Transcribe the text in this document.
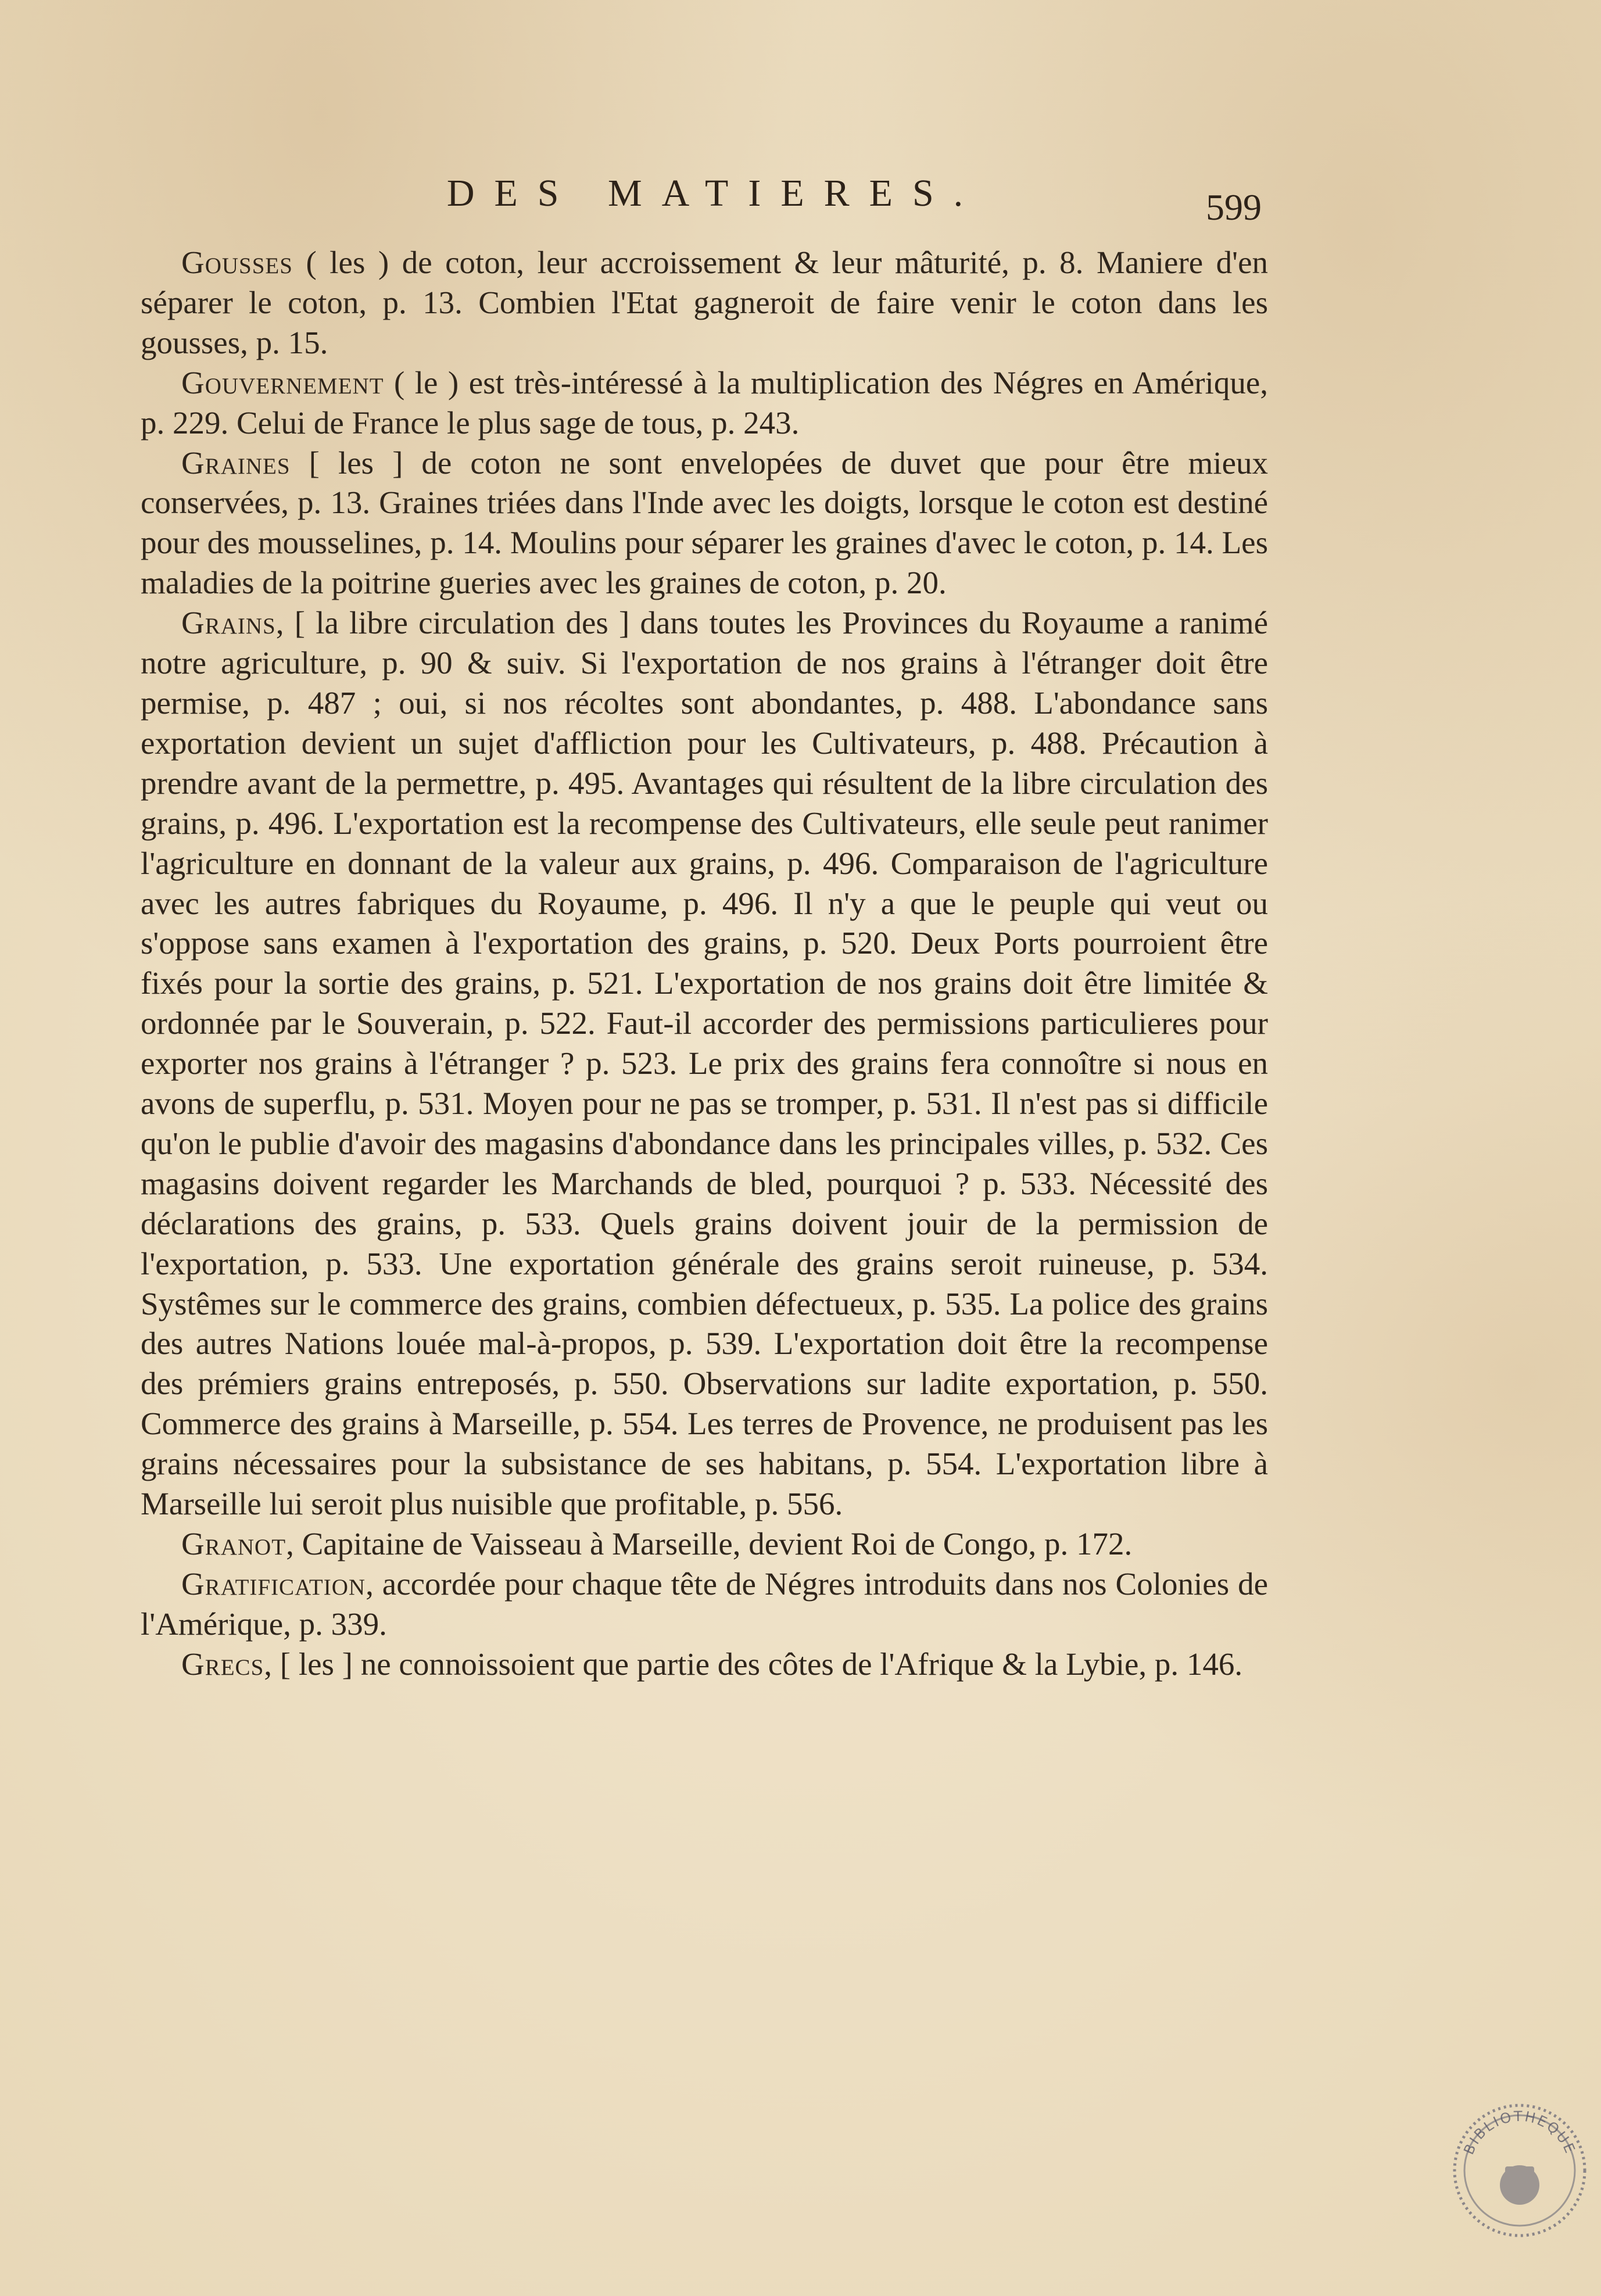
DES MATIERES.	599

Gousses ( les ) de coton, leur accroissement & leur mâturité, p. 8. Maniere d'en séparer le coton, p. 13. Combien l'Etat gagneroit de faire venir le coton dans les gousses, p. 15.

Gouvernement ( le ) est très-intéressé à la multiplication des Négres en Amérique, p. 229. Celui de France le plus sage de tous, p. 243.

Graines [ les ] de coton ne sont envelopées de duvet que pour être mieux conservées, p. 13. Graines triées dans l'Inde avec les doigts, lorsque le coton est destiné pour des mousselines, p. 14. Moulins pour séparer les graines d'avec le coton, p. 14. Les maladies de la poitrine gueries avec les graines de coton, p. 20.

Grains, [ la libre circulation des ] dans toutes les Provinces du Royaume a ranimé notre agriculture, p. 90 & suiv. Si l'exportation de nos grains à l'étranger doit être permise, p. 487 ; oui, si nos récoltes sont abondantes, p. 488. L'abondance sans exportation devient un sujet d'affliction pour les Cultivateurs, p. 488. Précaution à prendre avant de la permettre, p. 495. Avantages qui résultent de la libre circulation des grains, p. 496. L'exportation est la recompense des Cultivateurs, elle seule peut ranimer l'agriculture en donnant de la valeur aux grains, p. 496. Comparaison de l'agriculture avec les autres fabriques du Royaume, p. 496. Il n'y a que le peuple qui veut ou s'oppose sans examen à l'exportation des grains, p. 520. Deux Ports pourroient être fixés pour la sortie des grains, p. 521. L'exportation de nos grains doit être limitée & ordonnée par le Souverain, p. 522. Faut-il accorder des permissions particulieres pour exporter nos grains à l'étranger ? p. 523. Le prix des grains fera connoître si nous en avons de superflu, p. 531. Moyen pour ne pas se tromper, p. 531. Il n'est pas si difficile qu'on le publie d'avoir des magasins d'abondance dans les principales villes, p. 532. Ces magasins doivent regarder les Marchands de bled, pourquoi ? p. 533. Nécessité des déclarations des grains, p. 533. Quels grains doivent jouir de la permission de l'exportation, p. 533. Une exportation générale des grains seroit ruineuse, p. 534. Systêmes sur le commerce des grains, combien défectueux, p. 535. La police des grains des autres Nations louée mal-à-propos, p. 539. L'exportation doit être la recompense des prémiers grains entreposés, p. 550. Observations sur ladite exportation, p. 550. Commerce des grains à Marseille, p. 554. Les terres de Provence, ne produisent pas les grains nécessaires pour la subsistance de ses habitans, p. 554. L'exportation libre à Marseille lui seroit plus nuisible que profitable, p. 556.

Granot, Capitaine de Vaisseau à Marseille, devient Roi de Congo, p. 172.

Gratification, accordée pour chaque tête de Négres introduits dans nos Colonies de l'Amérique, p. 339.

Grecs, [ les ] ne connoissoient que partie des côtes de l'Afrique & la Lybie, p. 146.

BIBLIOTHEQUE
